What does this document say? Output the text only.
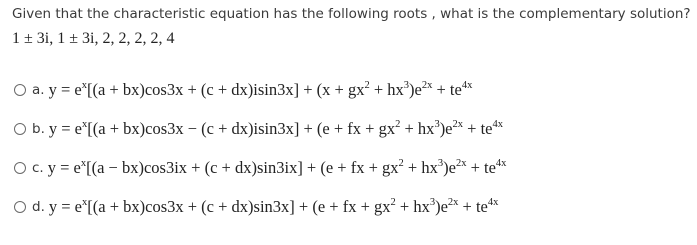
Given that the characteristic equation has the following roots , what is the complementary solution?
1 ± 3i, 1 ± 3i, 2, 2, 2, 2, 4
a. $y = e^x[(a + bx)\cos 3x + (c + dx)isin3x] + (x + gx^2 + hx^3)e^{2x} + te^{4x}$
b. $y = e^x[(a + bx)\cos 3x - (c + dx)isin3x] + (e$ + fx + $gx^2 + hx^3)e^{2x} + te^{4x}$
c. $y = e^x[(a - bx)\cos 3ix + (c + dx)\sin 3ix] + (e$ + fx + $gx^2 + hx^3)e^{2x} + te^{4x}$
d. $y = e^x[(a + bx)\cos 3x + (c + dx)\sin 3x] + (e$ + fx + $gx^2 + hx^3)e^{2x} + te^{4x}$
